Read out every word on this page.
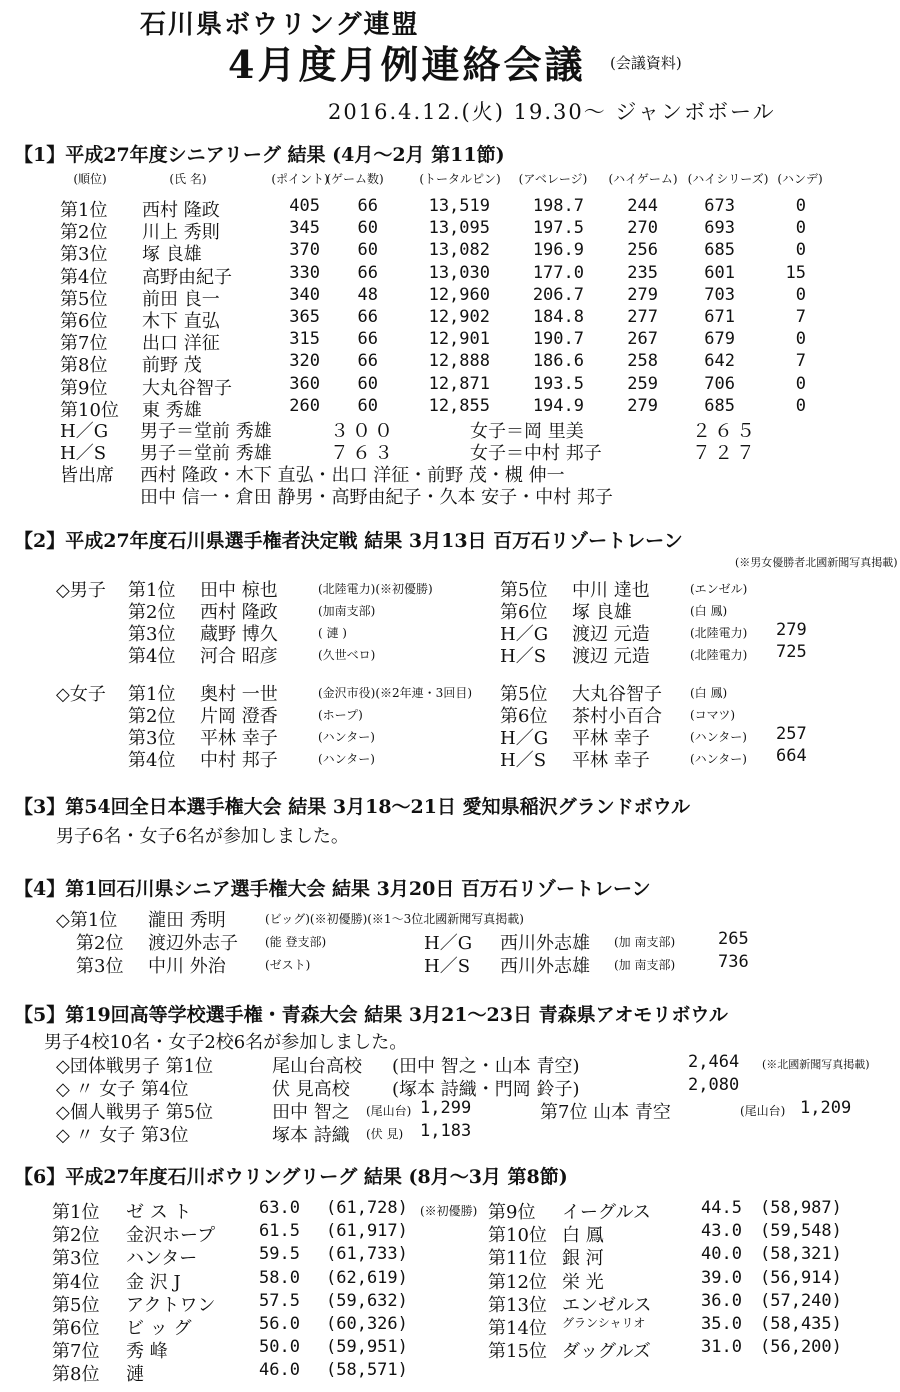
石川県ボウリング連盟
4月度月例連絡会議 (会議資料)
2016.4.12.(火) 19.30〜 ジャンボボール
【1】平成27年度シニアリーグ 結果 (4月〜2月 第11節)
(順位)	(氏 名)	(ポイント)
(ゲーム数)	(トータルピン) (アベレージ) (ハイゲーム) (ハイシリーズ) (ハンデ)
第1位 西村 隆政	405 66	13,519	198.7	244	673	0
第2位 川上 秀則	345 60	13,095	197.5	270	693	0
第3位 塚 良雄	370 60	13,082	196.9	256	685	0
第4位 高野由紀子	330 66	13,030	177.0	235	601	15
第5位 前田 良一	340 48	12,960	206.7	279	703	0
第6位 木下 直弘	365 66	12,902	184.8	277	671	7
第7位 出口 洋征	315 66	12,901	190.7	267	679	0
第8位 前野 茂	320 66	12,888	186.6	258	642	7
第9位 大丸谷智子	360 60	12,871	193.5	259	706	0
第10位 東 秀雄	260 60	12,855	194.9	279	685	0
H／G 男子＝堂前 秀雄	３００	女子＝岡 里美	２６５
H／S 男子＝堂前 秀雄	７６３	女子＝中村 邦子	７２７
皆出席 西村 隆政・木下 直弘・出口 洋征・前野 茂・槻 伸一
田中 信一・倉田 静男・高野由紀子・久本 安子・中村 邦子
【2】平成27年度石川県選手権者決定戦 結果 3月13日 百万石リゾートレーン
(※男女優勝者北國新聞写真掲載)
◇男子 第1位 田中 椋也	(北陸電力)(※初優勝)
第2位 西村 隆政	(加南支部)
第3位 蔵野 博久	( 漣 )
第4位 河合 昭彦	(久世ベロ)
第5位 中川 達也	(エンゼル)
第6位 塚 良雄	(白 鳳)
H／G 渡辺 元造	(北陸電力) 279
H／S 渡辺 元造	(北陸電力) 725
◇女子 第1位 奥村 一世	(金沢市役)(※2年連・3回目)
第2位 片岡 澄香	(ホープ)
第3位 平林 幸子	(ハンター)
第4位 中村 邦子	(ハンター)
第5位 大丸谷智子 (白 鳳)
第6位 茶村小百合 (コマツ)
H／G 平林 幸子	(ハンター) 257
H／S 平林 幸子	(ハンター) 664
【3】第54回全日本選手権大会 結果 3月18〜21日 愛知県稲沢グランドボウル
男子6名・女子6名が参加しました。
【4】第1回石川県シニア選手権大会 結果 3月20日 百万石リゾートレーン
◇第1位 瀧田 秀明	(ビッグ)(※初優勝)(※1〜3位北國新聞写真掲載)
第2位 渡辺外志子 (能 登支部)
第3位 中川 外治	(ゼスト)
H／G 西川外志雄 (加 南支部)	265
H／S 西川外志雄 (加 南支部)	736
【5】第19回高等学校選手権・青森大会 結果 3月21〜23日 青森県アオモリボウル
男子4校10名・女子2校6名が参加しました。
◇団体戦男子 第1位	尾山台高校 (田中 智之・山本 青空)	2,464 (※北國新聞写真掲載)
◇ 〃 女子 第4位	伏 見高校 (塚本 詩織・門岡 鈴子)	2,080
◇個人戦男子 第5位	田中 智之 (尾山台) 1,299	第7位 山本 青空	(尾山台) 1,209
◇ 〃 女子 第3位	塚本 詩織 (伏 見) 1,183
【6】平成27年度石川ボウリングリーグ 結果 (8月〜3月 第8節)
第1位 ゼ ス ト	63.0 (61,728) (※初優勝)
第2位 金沢ホープ	61.5 (61,917)
第3位 ハンター	59.5 (61,733)
第4位 金 沢 J	58.0 (62,619)
第5位 アクトワン	57.5 (59,632)
第6位 ビ ッ グ	56.0 (60,326)
第7位 秀 峰	50.0 (59,951)
第8位 漣	46.0 (58,571)
第9位 イーグルス	44.5 (58,987)
第10位 白 鳳	43.0 (59,548)
第11位 銀 河	40.0 (58,321)
第12位 栄 光	39.0 (56,914)
第13位 エンゼルス	36.0 (57,240)
第14位 グランシャリオ	35.0 (58,435)
第15位 ダッグルズ	31.0 (56,200)
